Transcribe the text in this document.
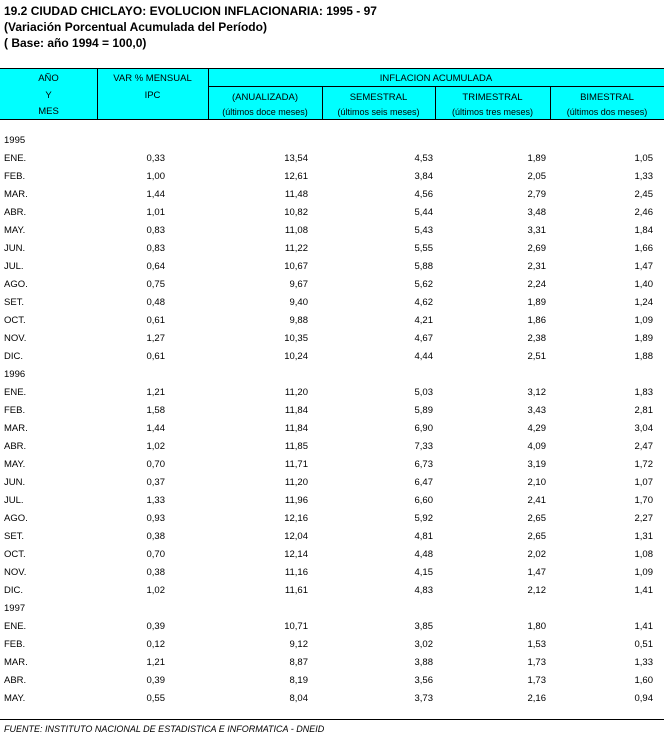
19.2 CIUDAD CHICLAYO: EVOLUCION INFLACIONARIA: 1995 - 97
(Variación Porcentual Acumulada del Período)
( Base: año 1994 = 100,0)
AÑO
Y
MES
VAR % MENSUAL
IPC
INFLACION ACUMULADA
(ANUALIZADA)
(últimos doce meses)
SEMESTRAL
(últimos seis meses)
TRIMESTRAL
(últimos tres meses)
BIMESTRAL
(últimos dos meses)
1995
ENE.	0,33	13,54	4,53	1,89	1,05
FEB.	1,00	12,61	3,84	2,05	1,33
MAR.	1,44	11,48	4,56	2,79	2,45
ABR.	1,01	10,82	5,44	3,48	2,46
MAY.	0,83	11,08	5,43	3,31	1,84
JUN.	0,83	11,22	5,55	2,69	1,66
JUL.	0,64	10,67	5,88	2,31	1,47
AGO.	0,75	9,67	5,62	2,24	1,40
SET.	0,48	9,40	4,62	1,89	1,24
OCT.	0,61	9,88	4,21	1,86	1,09
NOV.	1,27	10,35	4,67	2,38	1,89
DIC.	0,61	10,24	4,44	2,51	1,88
1996
ENE.	1,21	11,20	5,03	3,12	1,83
FEB.	1,58	11,84	5,89	3,43	2,81
MAR.	1,44	11,84	6,90	4,29	3,04
ABR.	1,02	11,85	7,33	4,09	2,47
MAY.	0,70	11,71	6,73	3,19	1,72
JUN.	0,37	11,20	6,47	2,10	1,07
JUL.	1,33	11,96	6,60	2,41	1,70
AGO.	0,93	12,16	5,92	2,65	2,27
SET.	0,38	12,04	4,81	2,65	1,31
OCT.	0,70	12,14	4,48	2,02	1,08
NOV.	0,38	11,16	4,15	1,47	1,09
DIC.	1,02	11,61	4,83	2,12	1,41
1997
ENE.	0,39	10,71	3,85	1,80	1,41
FEB.	0,12	9,12	3,02	1,53	0,51
MAR.	1,21	8,87	3,88	1,73	1,33
ABR.	0,39	8,19	3,56	1,73	1,60
MAY.	0,55	8,04	3,73	2,16	0,94
FUENTE: INSTITUTO NACIONAL DE ESTADISTICA E INFORMATICA - DNEID
